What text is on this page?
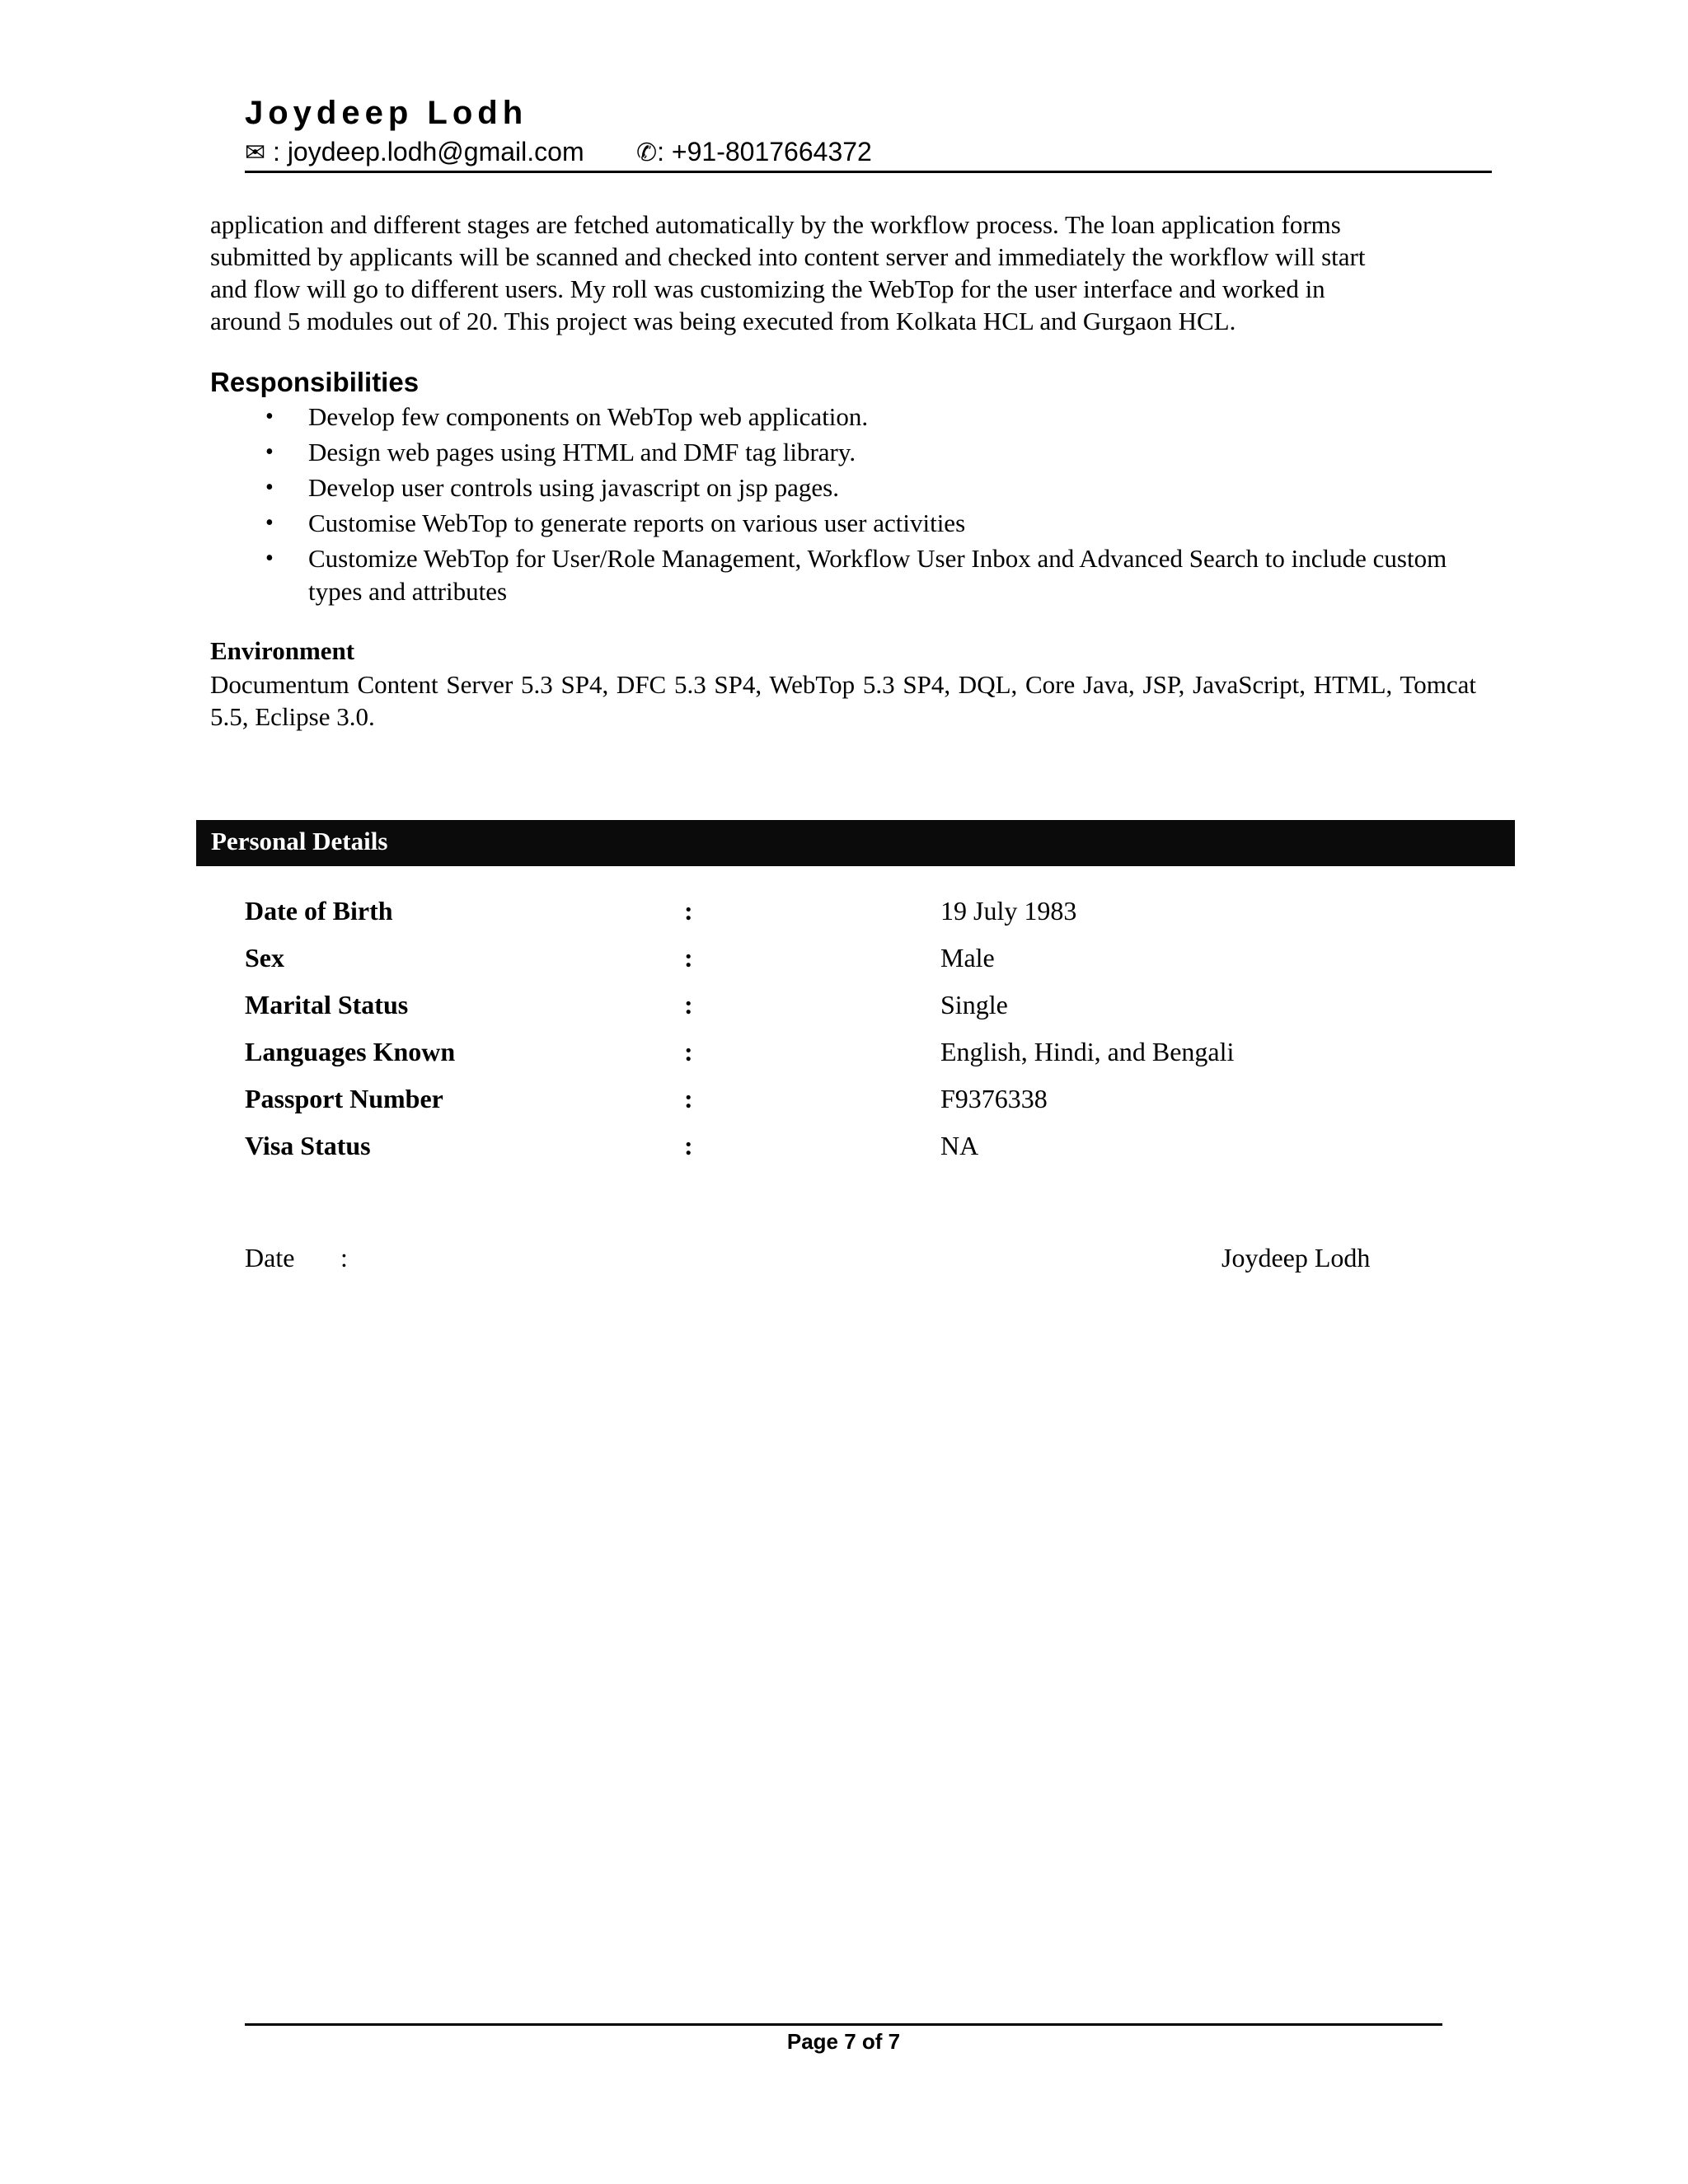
Joydeep Lodh
✉ : joydeep.lodh@gmail.com ✆: +91-8017664372

application and different stages are fetched automatically by the workflow process. The loan application forms

submitted by applicants will be scanned and checked into content server and immediately the workflow will start

and flow will go to different users. My roll was customizing the WebTop for the user interface and worked in

around 5 modules out of 20. This project was being executed from Kolkata HCL and Gurgaon HCL.

Responsibilities
• Develop few components on WebTop web application.
• Design web pages using HTML and DMF tag library.
• Develop user controls using javascript on jsp pages.
• Customise WebTop to generate reports on various user activities
• Customize WebTop for User/Role Management, Workflow User Inbox and Advanced Search to include custom types and attributes
Environment
Documentum Content Server 5.3 SP4, DFC 5.3 SP4, WebTop 5.3 SP4, DQL, Core Java, JSP, JavaScript, HTML, Tomcat 5.5, Eclipse 3.0.
Personal Details
Date of Birth	:	19 July 1983
Sex	:	Male
Marital Status	:	Single
Languages Known	:	English, Hindi, and Bengali
Passport Number	:	F9376338
Visa Status	:	NA
Date :	Joydeep Lodh
Page 7 of 7
